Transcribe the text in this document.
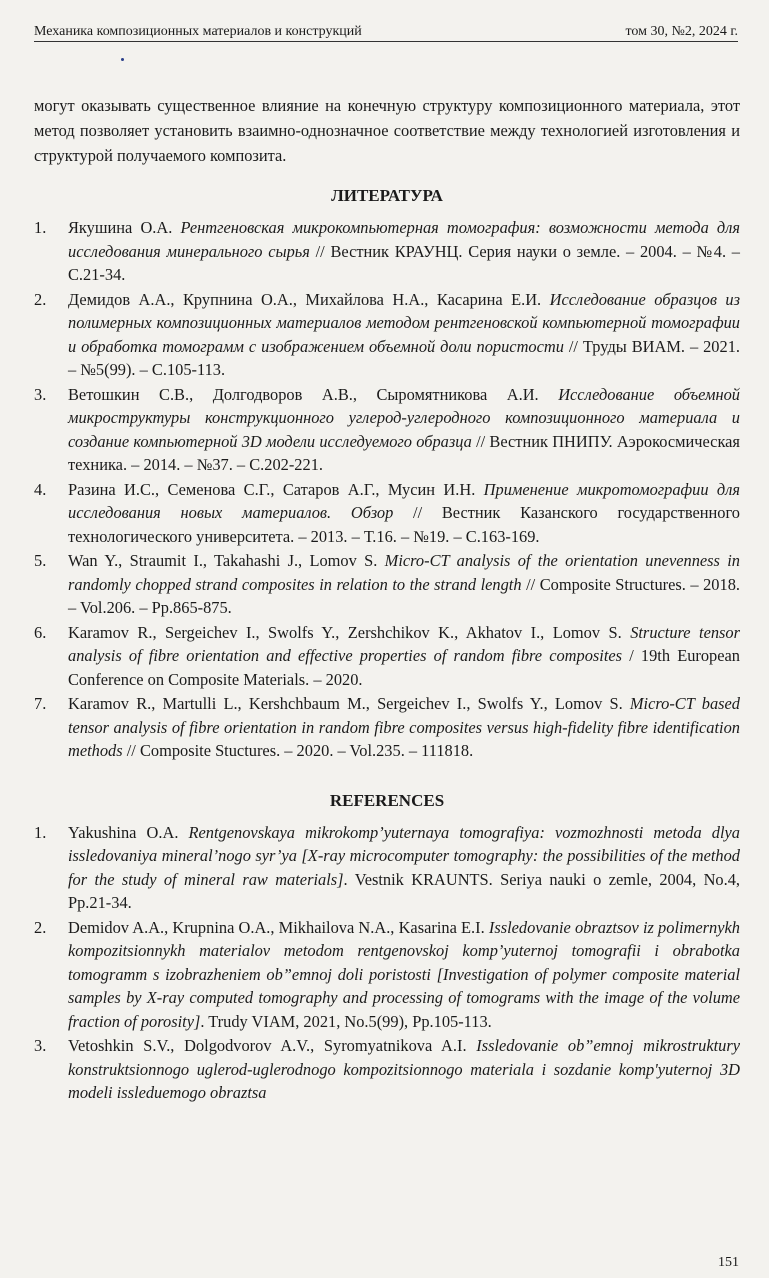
Механика композиционных материалов и конструкций	том 30, №2, 2024 г.

могут оказывать существенное влияние на конечную структуру композиционного материала, этот метод позволяет установить взаимно-однозначное соответствие между технологией изготовления и структурой получаемого композита.

ЛИТЕРАТУРА
1. Якушина О.А. Рентгеновская микрокомпьютерная томография: возможности метода для исследования минерального сырья // Вестник КРАУНЦ. Серия науки о земле. – 2004. – №4. – С.21-34.
2. Демидов А.А., Крупнина О.А., Михайлова Н.А., Касарина Е.И. Исследование образцов из полимерных композиционных материалов методом рентгеновской компьютерной томографии и обработка томограмм с изображением объемной доли пористости // Труды ВИАМ. – 2021. – №5(99). – С.105-113.
3. Ветошкин С.В., Долгодворов А.В., Сыромятникова А.И. Исследование объемной микроструктуры конструкционного углерод-углеродного композиционного материала и создание компьютерной 3D модели исследуемого образца // Вестник ПНИПУ. Аэрокосмическая техника. – 2014. – №37. – С.202-221.
4. Разина И.С., Семенова С.Г., Сатаров А.Г., Мусин И.Н. Применение микротомографии для исследования новых материалов. Обзор // Вестник Казанского государственного технологического университета. – 2013. – Т.16. – №19. – С.163-169.
5. Wan Y., Straumit I., Takahashi J., Lomov S. Micro-CT analysis of the orientation unevenness in randomly chopped strand composites in relation to the strand length // Composite Structures. – 2018. – Vol.206. – Pp.865-875.
6. Karamov R., Sergeichev I., Swolfs Y., Zershchikov K., Akhatov I., Lomov S. Structure tensor analysis of fibre orientation and effective properties of random fibre composites / 19th European Conference on Composite Materials. – 2020.
7. Karamov R., Martulli L., Kershchbaum M., Sergeichev I., Swolfs Y., Lomov S. Micro-CT based tensor analysis of fibre orientation in random fibre composites versus high-fidelity fibre identification methods // Composite Stuctures. – 2020. – Vol.235. – 111818.
REFERENCES
1. Yakushina O.A. Rentgenovskaya mikrokomp’yuternaya tomografiya: vozmozhnosti metoda dlya issledovaniya mineral’nogo syr’ya [X-ray microcomputer tomography: the possibilities of the method for the study of mineral raw materials]. Vestnik KRAUNTS. Seriya nauki o zemle, 2004, No.4, Pp.21-34.
2. Demidov A.A., Krupnina O.A., Mikhailova N.A., Kasarina E.I. Issledovanie obraztsov iz polimernykh kompozitsionnykh materialov metodom rentgenovskoj komp’yuternoj tomografii i obrabotka tomogramm s izobrazheniem ob”emnoj doli poristosti [Investigation of polymer composite material samples by X-ray computed tomography and processing of tomograms with the image of the volume fraction of porosity]. Trudy VIAM, 2021, No.5(99), Pp.105-113.
3. Vetoshkin S.V., Dolgodvorov A.V., Syromyatnikova A.I. Issledovanie ob”emnoj mikrostruktury konstruktsionnogo uglerod-uglerodnogo kompozitsionnogo materiala i sozdanie komp'yuternoj 3D modeli issleduemogo obraztsa
151
